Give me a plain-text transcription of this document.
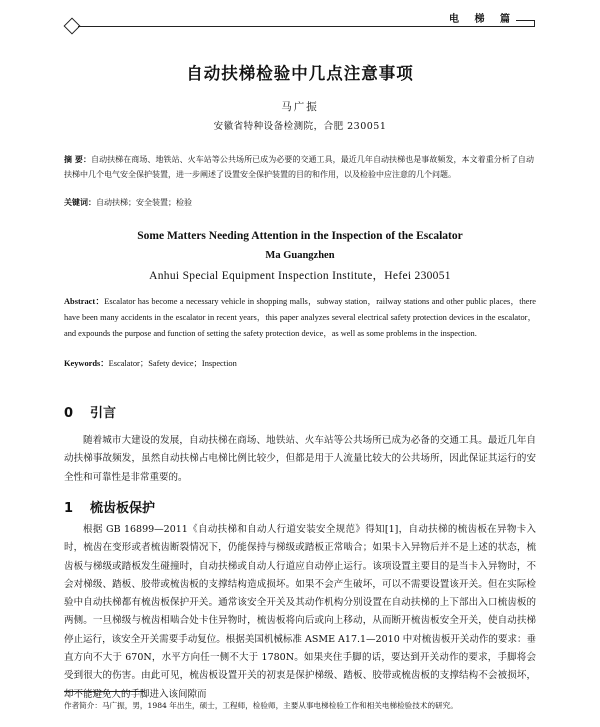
电 梯 篇
自动扶梯检验中几点注意事项
马广振
安徽省特种设备检测院，合肥 230051

摘 要：自动扶梯在商场、地铁站、火车站等公共场所已成为必要的交通工具，最近几年自动扶梯也是事故频发，本文着重分析了自动扶梯中几个电气安全保护装置，进一步阐述了设置安全保护装置的目的和作用，以及检验中应注意的几个问题。

关键词：自动扶梯；安全装置；检验

Some Matters Needing Attention in the Inspection of the Escalator
Ma Guangzhen
Anhui Special Equipment Inspection Institute，Hefei 230051

Abstract：Escalator has become a necessary vehicle in shopping malls，subway station，railway stations and other public places，there have been many accidents in the escalator in recent years，this paper analyzes several electrical safety protection devices in the escalator，and expounds the purpose and function of setting the safety protection device，as well as some problems in the inspection.

Keywords：Escalator；Safety device；Inspection

0 引言

随着城市大建设的发展，自动扶梯在商场、地铁站、火车站等公共场所已成为必备的交通工具。最近几年自动扶梯事故频发，虽然自动扶梯占电梯比例比较少，但都是用于人流量比较大的公共场所，因此保证其运行的安全性和可靠性是非常重要的。

1 梳齿板保护

根据 GB 16899—2011《自动扶梯和自动人行道安装安全规范》得知[1]，自动扶梯的梳齿板在异物卡入时，梳齿在变形或者梳齿断裂情况下，仍能保持与梯级或踏板正常啮合；如果卡入异物后并不是上述的状态，梳齿板与梯级或踏板发生碰撞时，自动扶梯或自动人行道应自动停止运行。该项设置主要目的是当卡入异物时，不会对梯级、踏板、胶带或梳齿板的支撑结构造成损坏。如果不会产生破坏，可以不需要设置该开关。但在实际检验中自动扶梯都有梳齿板保护开关。通常该安全开关及其动作机构分别设置在自动扶梯的上下部出入口梳齿板的两侧。一旦梯级与梳齿相啮合处卡住异物时，梳齿板将向后或向上移动，从而断开梳齿板安全开关，使自动扶梯停止运行，该安全开关需要手动复位。根据美国机械标准 ASME A17.1—2010 中对梳齿板开关动作的要求：垂直方向不大于 670N，水平方向任一侧不大于 1780N。如果夹住手脚的话，要达到开关动作的要求，手脚将会受到很大的伤害。由此可见，梳齿板设置开关的初衷是保护梯级、踏板、胶带或梳齿板的支撑结构不会被损坏，却不能避免人的手脚进入该间隙而

作者简介：马广振，男，1984 年出生，硕士，工程师，检验师，主要从事电梯检验工作和相关电梯检验技术的研究。
